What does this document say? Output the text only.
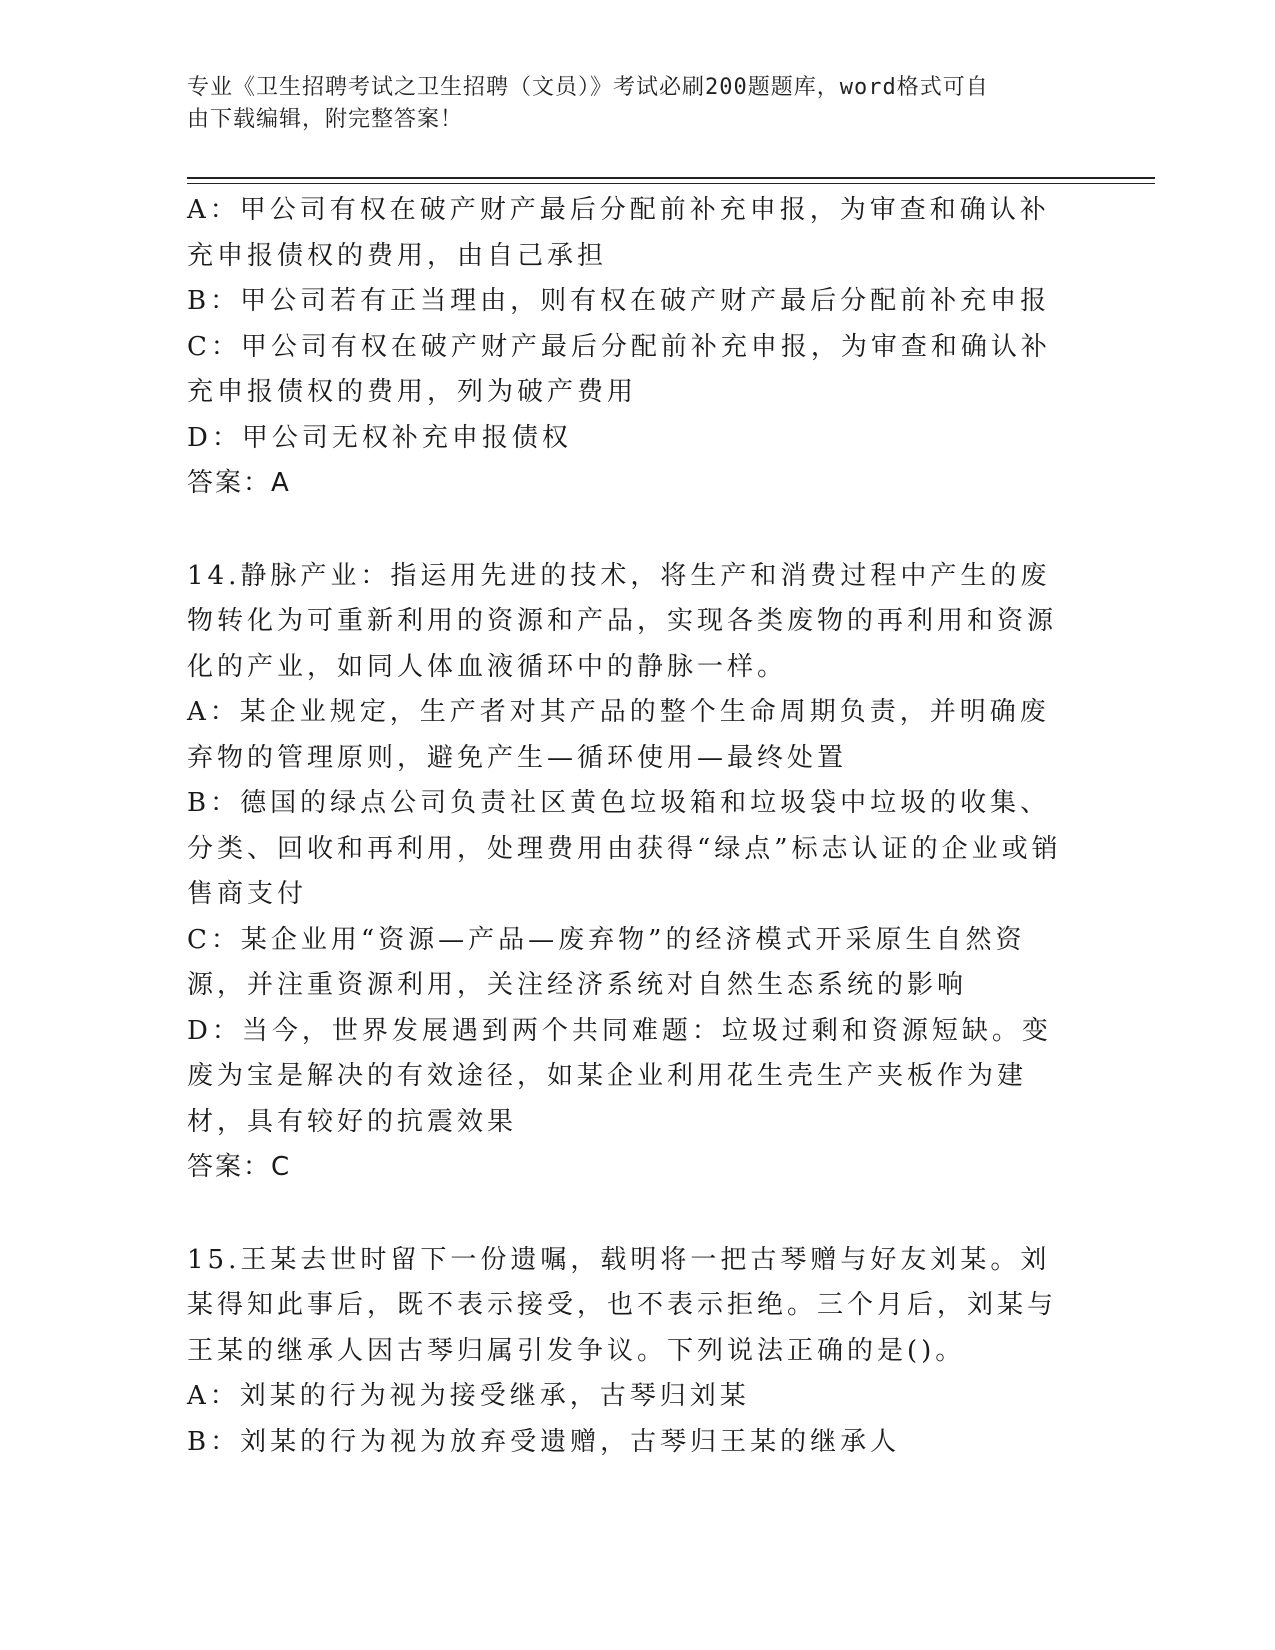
专业《卫生招聘考试之卫生招聘（文员）》考试必刷200题题库，word格式可自
由下载编辑，附完整答案！

A：甲公司有权在破产财产最后分配前补充申报，为审查和确认补充申报债权的费用，由自己承担

B：甲公司若有正当理由，则有权在破产财产最后分配前补充申报

C：甲公司有权在破产财产最后分配前补充申报，为审查和确认补充申报债权的费用，列为破产费用

D：甲公司无权补充申报债权

答案：A

14.静脉产业：指运用先进的技术，将生产和消费过程中产生的废物转化为可重新利用的资源和产品，实现各类废物的再利用和资源化的产业，如同人体血液循环中的静脉一样。

A：某企业规定，生产者对其产品的整个生命周期负责，并明确废弃物的管理原则，避免产生—循环使用—最终处置

B：德国的绿点公司负责社区黄色垃圾箱和垃圾袋中垃圾的收集、分类、回收和再利用，处理费用由获得“绿点”标志认证的企业或销售商支付

C：某企业用“资源—产品—废弃物”的经济模式开采原生自然资源，并注重资源利用，关注经济系统对自然生态系统的影响

D：当今，世界发展遇到两个共同难题：垃圾过剩和资源短缺。变废为宝是解决的有效途径，如某企业利用花生壳生产夹板作为建材，具有较好的抗震效果

答案：C

15.王某去世时留下一份遗嘱，载明将一把古琴赠与好友刘某。刘某得知此事后，既不表示接受，也不表示拒绝。三个月后，刘某与王某的继承人因古琴归属引发争议。下列说法正确的是()。

A：刘某的行为视为接受继承，古琴归刘某

B：刘某的行为视为放弃受遗赠，古琴归王某的继承人
